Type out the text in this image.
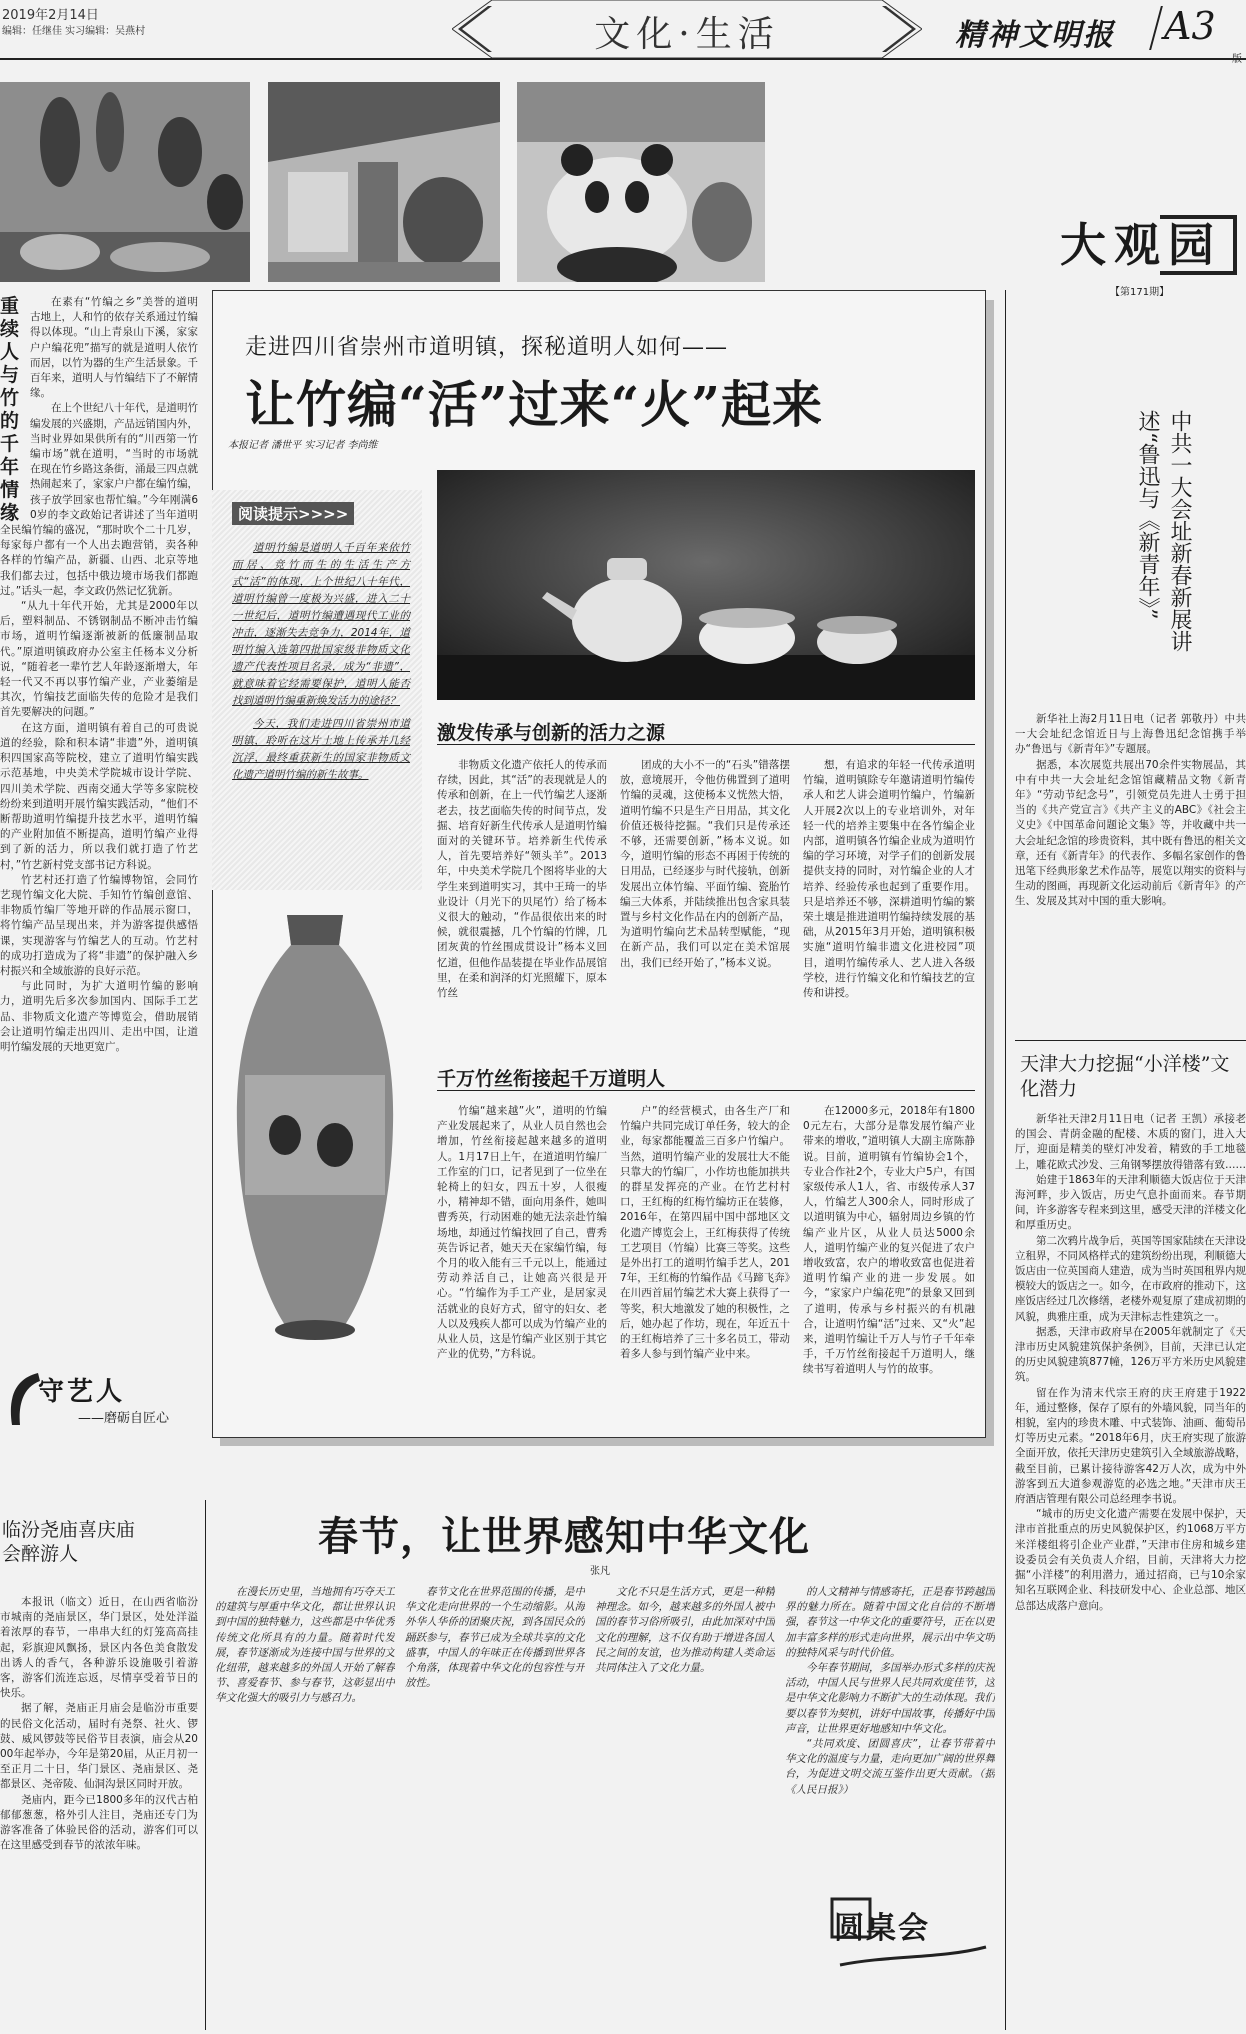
2019年2月14日
编辑：任继佳 实习编辑：吴燕村	文化·生活	精神文明报 A3
重续人与竹的千年情缘

在素有“竹编之乡”美誉的道明古地上，人和竹的依存关系通过竹编得以体现。“山上青泉山下溪，家家户户编花兜”描写的就是道明人依竹而居，以竹为器的生产生活景象。千百年来，道明人与竹编结下了不解情缘。

在上个世纪八十年代，是道明竹编发展的兴盛期，产品远销国内外，当时业界如果供所有的“川西第一竹编市场”就在道明，“当时的市场就在现在竹乡路这条街，涌最三四点就热闹起来了，家家户户都在编竹编，孩子放学回家也帮忙编。”今年刚满60岁的李文政始记者讲述了当年道明全民编竹编的盛况，“那时吹个二十几岁，每家每户都有一个人出去跑营销，卖各种各样的竹编产品，新疆、山西、北京等地我们都去过，包括中俄边境市场我们都跑过。”话头一起，李文政仍然记忆犹新。

“从九十年代开始，尤其是2000年以后，塑料制品、不锈钢制品不断冲击竹编市场，道明竹编逐渐被新的低廉制品取代。”原道明镇政府办公室主任杨本义分析说，“随着老一辈竹艺人年龄逐渐增大，年轻一代又不再以事竹编产业，产业萎缩是其次，竹编技艺面临失传的危险才是我们首先要解决的问题。”

在这方面，道明镇有着自己的可贵说道的经验，除和积本请“非遗”外，道明镇积四国家高等院校，建立了道明竹编实践示范基地，中央美术学院城市设计学院、四川美术学院、西南交通大学等多家院校纷纷来到道明开展竹编实践活动，“他们不断帮助道明竹编提升技艺水平，道明竹编的产业附加值不断提高，道明竹编产业得到了新的活力，所以我们就打造了竹艺村，”竹艺新村党支部书记方科说。

竹艺村还打造了竹编博物馆，会同竹艺现竹编文化大院、手知竹竹编创意馆、非物质竹编厂等地开辟的作品展示窗口，将竹编产品呈现出来，并为游客提供感悟课，实现游客与竹编艺人的互动。竹艺村的成功打造成为了将“非遗”的保护融入乡村振兴和全域旅游的良好示范。

与此同时，为扩大道明竹编的影响力，道明先后多次参加国内、国际手工艺品、非物质文化遗产等博览会，借助展销会让道明竹编走出四川、走出中国，让道明竹编发展的天地更宽广。

守艺人
——磨砺自匠心
走进四川省崇州市道明镇，探秘道明人如何——
让竹编“活”过来“火”起来
本报记者 潘世平 实习记者 李尚维
阅读提示>>>>

道明竹编是道明人千百年来依竹而居、竞竹而生的生活生产方式“活”的体现，上个世纪八十年代，道明竹编曾一度极为兴盛，进入二十一世纪后，道明竹编遭遇现代工业的冲击，逐渐失去竞争力，2014年，道明竹编入选第四批国家级非物质文化遗产代表性项目名录，成为“非遗”，就意味着它经需要保护，道明人能否找到道明竹编重新焕发活力的途径？

今天，我们走进四川省崇州市道明镇，聆听在这片土地上传承并几经沉浮，最终重获新生的国家非物质文化遗产道明竹编的新生故事。

激发传承与创新的活力之源
非物质文化遗产依托人的传承而存续，因此，其“活”的表现就是人的传承和创新，在上一代竹编艺人逐渐老去，技艺面临失传的时间节点，发掘、培育好新生代传承人是道明竹编面对的关键环节。培养新生代传承人，首先要培养好“领头羊”。2013年，中央美术学院几个图将毕业的大学生来到道明实习，其中王琦一的毕业设计（月光下的贝尾竹）给了杨本义很大的触动，“作品很依出来的时候，就很震撼，几个竹编的竹牌，几团灰黄的竹丝围成贯设计”杨本义回忆道，但他作品装提在毕业作品展馆里，在柔和润泽的灯光照耀下，原本竹丝
团成的大小不一的“石头”错落摆放，意境展开，令他仿佛置到了道明竹编的灵魂，这使杨本义恍然大悟，道明竹编不只是生产日用品，其文化价值还极待挖掘。“我们只是传承还不够，还需要创新，”杨本义说。如今，道明竹编的形态不再困于传统的日用品，已经逐步与时代接轨，创新发展出立体竹编、平面竹编、瓷胎竹编三大体系，并陆续推出包含家具装置与乡村文化作品在内的创新产品，为道明竹编向艺术品转型赋能，“现在新产品，我们可以定在美术馆展出，我们已经开始了，”杨本义说。
想，有追求的年轻一代传承道明竹编，道明镇除专年邀请道明竹编传承人和艺人讲会道明竹编户，竹编新人开展2次以上的专业培训外，对年轻一代的培养主要集中在各竹编企业内部，道明镇各竹编企业成为道明竹编的学习环境，对学子们的创新发展提供支持的同时，对竹编企业的人才培养、经验传承也起到了重要作用。只是培养还不够，深耕道明竹编的繁荣土壤是推进道明竹编持续发展的基础，从2015年3月开始，道明镇积极实施“道明竹编非遗文化进校园”项目，道明竹编传承人、艺人进入各级学校，进行竹编文化和竹编技艺的宣传和讲授。
千万竹丝衔接起千万道明人
竹编“越来越”火”，道明的竹编产业发展起来了，从业人员自然也会增加，竹丝衔接起越来越多的道明人。1月17日上午，在道道明竹编厂工作室的门口，记者见到了一位坐在轮椅上的妇女，四五十岁，人很瘦小，精神却不错，面向用条件，她叫曹秀英，行动困难的她无法亲赴竹编场地，却通过竹编找回了自己，曹秀英告诉记者，她天天在家编竹编，每个月的收入能有三千元以上，能通过劳动养活自己，让她高兴很是开心。“竹编作为手工产业，是居家灵活就业的良好方式，留守的妇女、老人以及残疾人都可以成为竹编产业的从业人员，这是竹编产业区别于其它产业的优势，”方科说。
户”的经营模式，由各生产厂和竹编户共同完成订单任务，较大的企业，每家都能覆盖三百多户竹编户。当然，道明竹编产业的发展壮大不能只靠大的竹编厂，小作坊也能加拱共的群星发挥亮的产业。在竹艺村村口，王红梅的红梅竹编坊正在装修，2016年，在第四届中国中部地区文化遗产博览会上，王红梅获得了传统工艺项目（竹编）比赛三等奖。这些是外出打工的道明竹编手艺人，2017年，王红梅的竹编作品《马蹄飞奔》在川西首届竹编艺术大赛上获得了一等奖，积大地激发了她的积极性，之后，她办起了作坊，现在，年近五十的王红梅培养了三十多名员工，带动着多人参与到竹编产业中来。
在12000多元，2018年有18000元左右，大部分是靠发展竹编产业带来的增收，”道明镇人大副主席陈静说。目前，道明镇有竹编协会1个，专业合作社2个，专业大户5户，有国家级传承人1人，省、市级传承人37人，竹编艺人300余人，同时形成了以道明镇为中心，辐射周边乡镇的竹编产业片区，从业人员达5000余人，道明竹编产业的复兴促进了农户增收致富，农户的增收致富也促进着道明竹编产业的进一步发展。如今，“家家户户编花兜”的景象又回到了道明，传承与乡村振兴的有机融合，让道明竹编“活”过来、又“火”起来，道明竹编让千万人与竹子千年牵手，千万竹丝衔接起千万道明人，继续书写着道明人与竹的故事。
【第171期】
大观园
中共一大会址新春新展讲述“鲁迅与《新青年》”

新华社上海2月11日电（记者 郭敬丹）中共一大会址纪念馆近日与上海鲁迅纪念馆携手举办“鲁迅与《新青年》”专题展。

据悉，本次展览共展出70余件实物展品，其中有中共一大会址纪念馆馆藏精品文物《新青年》“劳动节纪念号”，引领党员先进人士勇于担当的《共产党宣言》《共产主义的ABC》《社会主义史》《中国革命问题论文集》等，并收藏中共一大会址纪念馆的珍贵资料，其中既有鲁迅的相关文章，还有《新青年》的代表作、多幅名家创作的鲁迅笔下经典形象艺术作品等，展览以翔实的资料与生动的图画，再现新文化运动前后《新青年》的产生、发展及其对中国的重大影响。

天津大力挖掘“小洋楼”文化潜力

新华社天津2月11日电（记者 王凯）承接老的国会、青荫金融的配楼、木质的窗门，进入大厅，迎面是精美的壁灯冲发着，精致的手工地毯上，雕花欧式沙发、三角钢琴摆放得错落有致……

始建于1863年的天津利顺德大饭店位于天津海河畔，步入饭店，历史气息扑面而来。春节期间，许多游客专程来到这里，感受天津的洋楼文化和厚重历史。

第二次鸦片战争后，英国等国家陆续在天津设立租界，不同风格样式的建筑纷纷出现，利顺德大饭店由一位英国商人建造，成为当时英国租界内规模较大的饭店之一。如今，在市政府的推动下，这座饭店经过几次修缮，老楼外观复原了建成初期的风貌，典雅庄重，成为天津标志性建筑之一。

据悉，天津市政府早在2005年就制定了《天津市历史风貌建筑保护条例》，目前，天津已认定的历史风貌建筑877幢，126万平方米历史风貌建筑。

留在作为清末代宗王府的庆王府建于1922年，通过整修，保存了原有的外墙风貌，同当年的相貌，室内的珍贵木雕、中式装饰、油画、葡萄吊灯等历史元素。“2018年6月，庆王府实现了旅游全面开放，依托天津历史建筑引入全域旅游战略，截至目前，已累计接待游客42万人次，成为中外游客到五大道参观游览的必选之地。”天津市庆王府酒店管理有限公司总经理李书说。

“城市的历史文化遗产需要在发展中保护，天津市首批重点的历史风貌保护区，约1068万平方米洋楼组将引企业产业群，”天津市住房和城乡建设委员会有关负责人介绍，目前，天津将大力挖掘“小洋楼”的利用潜力，通过招商，已与10余家知名互联网企业、科技研发中心、企业总部、地区总部达成落户意向。

临汾尧庙喜庆庙会醉游人

本报讯（临文）近日，在山西省临汾市城南的尧庙景区，华门景区，处处洋溢着浓厚的春节，一串串大红的灯笼高高挂起，彩旗迎风飘扬，景区内各色美食散发出诱人的香气，各种游乐设施吸引着游客，游客们流连忘返，尽情享受着节日的快乐。

据了解，尧庙正月庙会是临汾市重要的民俗文化活动，届时有尧祭、社火、锣鼓、威风锣鼓等民俗节目表演，庙会从2000年起举办，今年是第20届，从正月初一至正月二十日，华门景区、尧庙景区、尧都景区、尧帝陵、仙洞沟景区同时开放。

尧庙内，距今已1800多年的汉代古柏郁郁葱葱，格外引人注目，尧庙还专门为游客准备了体验民俗的活动，游客们可以在这里感受到春节的浓浓年味。

春节，让世界感知中华文化
张凡
在漫长历史里，当地拥有巧夺天工的建筑与厚重中华文化，都让世界认识到中国的独特魅力，这些都是中华优秀传统文化所具有的力量。随着时代发展，春节逐渐成为连接中国与世界的文化纽带，越来越多的外国人开始了解春节、喜爱春节、参与春节，这彰显出中华文化强大的吸引力与感召力。
春节文化在世界范围的传播，是中华文化走向世界的一个生动缩影。从海外华人华侨的团聚庆祝，到各国民众的踊跃参与，春节已成为全球共享的文化盛事，中国人的年味正在传播到世界各个角落，体现着中华文化的包容性与开放性。
文化不只是生活方式，更是一种精神理念。如今，越来越多的外国人被中国的春节习俗所吸引，由此加深对中国文化的理解，这不仅有助于增进各国人民之间的友谊，也为推动构建人类命运共同体注入了文化力量。

的人文精神与情感寄托，正是春节跨越国界的魅力所在。随着中国文化自信的不断增强，春节这一中华文化的重要符号，正在以更加丰富多样的形式走向世界，展示出中华文明的独特风采与时代价值。

今年春节期间，多国举办形式多样的庆祝活动，中国人民与世界人民共同欢度佳节，这是中华文化影响力不断扩大的生动体现。我们要以春节为契机，讲好中国故事，传播好中国声音，让世界更好地感知中华文化。

“共同欢度、团圆喜庆”，让春节带着中华文化的温度与力量，走向更加广阔的世界舞台，为促进文明交流互鉴作出更大贡献。（据《人民日报》）

圆桌会
